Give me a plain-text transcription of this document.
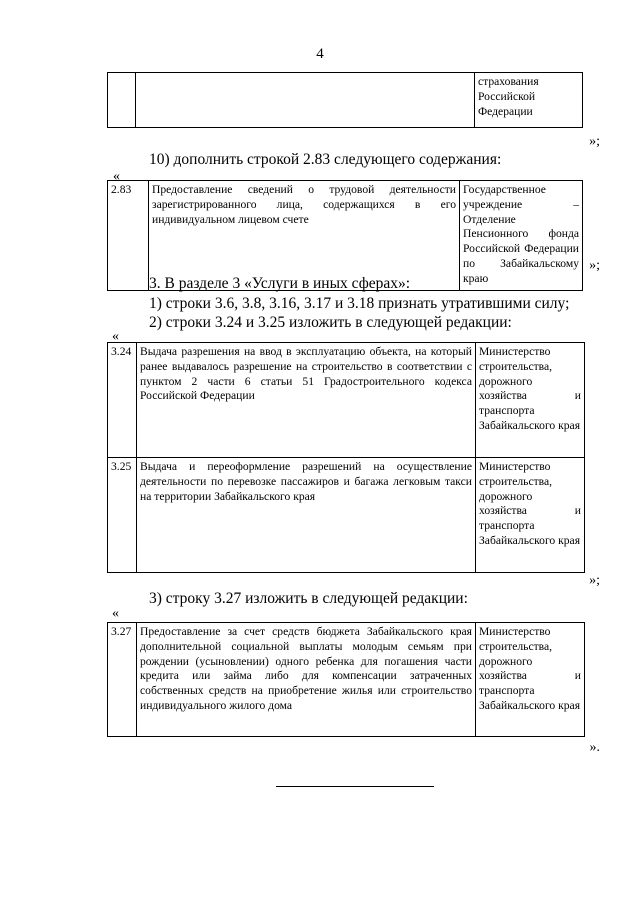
4
		страхования Российской Федерации
»;
10) дополнить строкой 2.83 следующего содержания:
«
2.83	Предоставление сведений о трудовой деятельности зарегистрированного лица, содержащихся в его индивидуальном лицевом счете	Государственное учреждение – Отделение Пенсионного фонда Российской Федерации по Забайкальскому краю
»;
3. В разделе 3 «Услуги в иных сферах»:
1) строки 3.6, 3.8, 3.16, 3.17 и 3.18 признать утратившими силу;
2) строки 3.24 и 3.25 изложить в следующей редакции:
«
3.24	Выдача разрешения на ввод в эксплуатацию объекта, на который ранее выдавалось разрешение на строительство в соответствии с пунктом 2 части 6 статьи 51 Градостроительного кодекса Российской Федерации	Министерство строительства, дорожного хозяйства и транспорта Забайкальского края
3.25	Выдача и переоформление разрешений на осуществление деятельности по перевозке пассажиров и багажа легковым такси на территории Забайкальского края	Министерство строительства, дорожного хозяйства и транспорта Забайкальского края
»;
3) строку 3.27 изложить в следующей редакции:
«
3.27	Предоставление за счет средств бюджета Забайкальского края дополнительной социальной выплаты молодым семьям при рождении (усыновлении) одного ребенка для погашения части кредита или займа либо для компенсации затраченных собственных средств на приобретение жилья или строительство индивидуального жилого дома	Министерство строительства, дорожного хозяйства и транспорта Забайкальского края
».
